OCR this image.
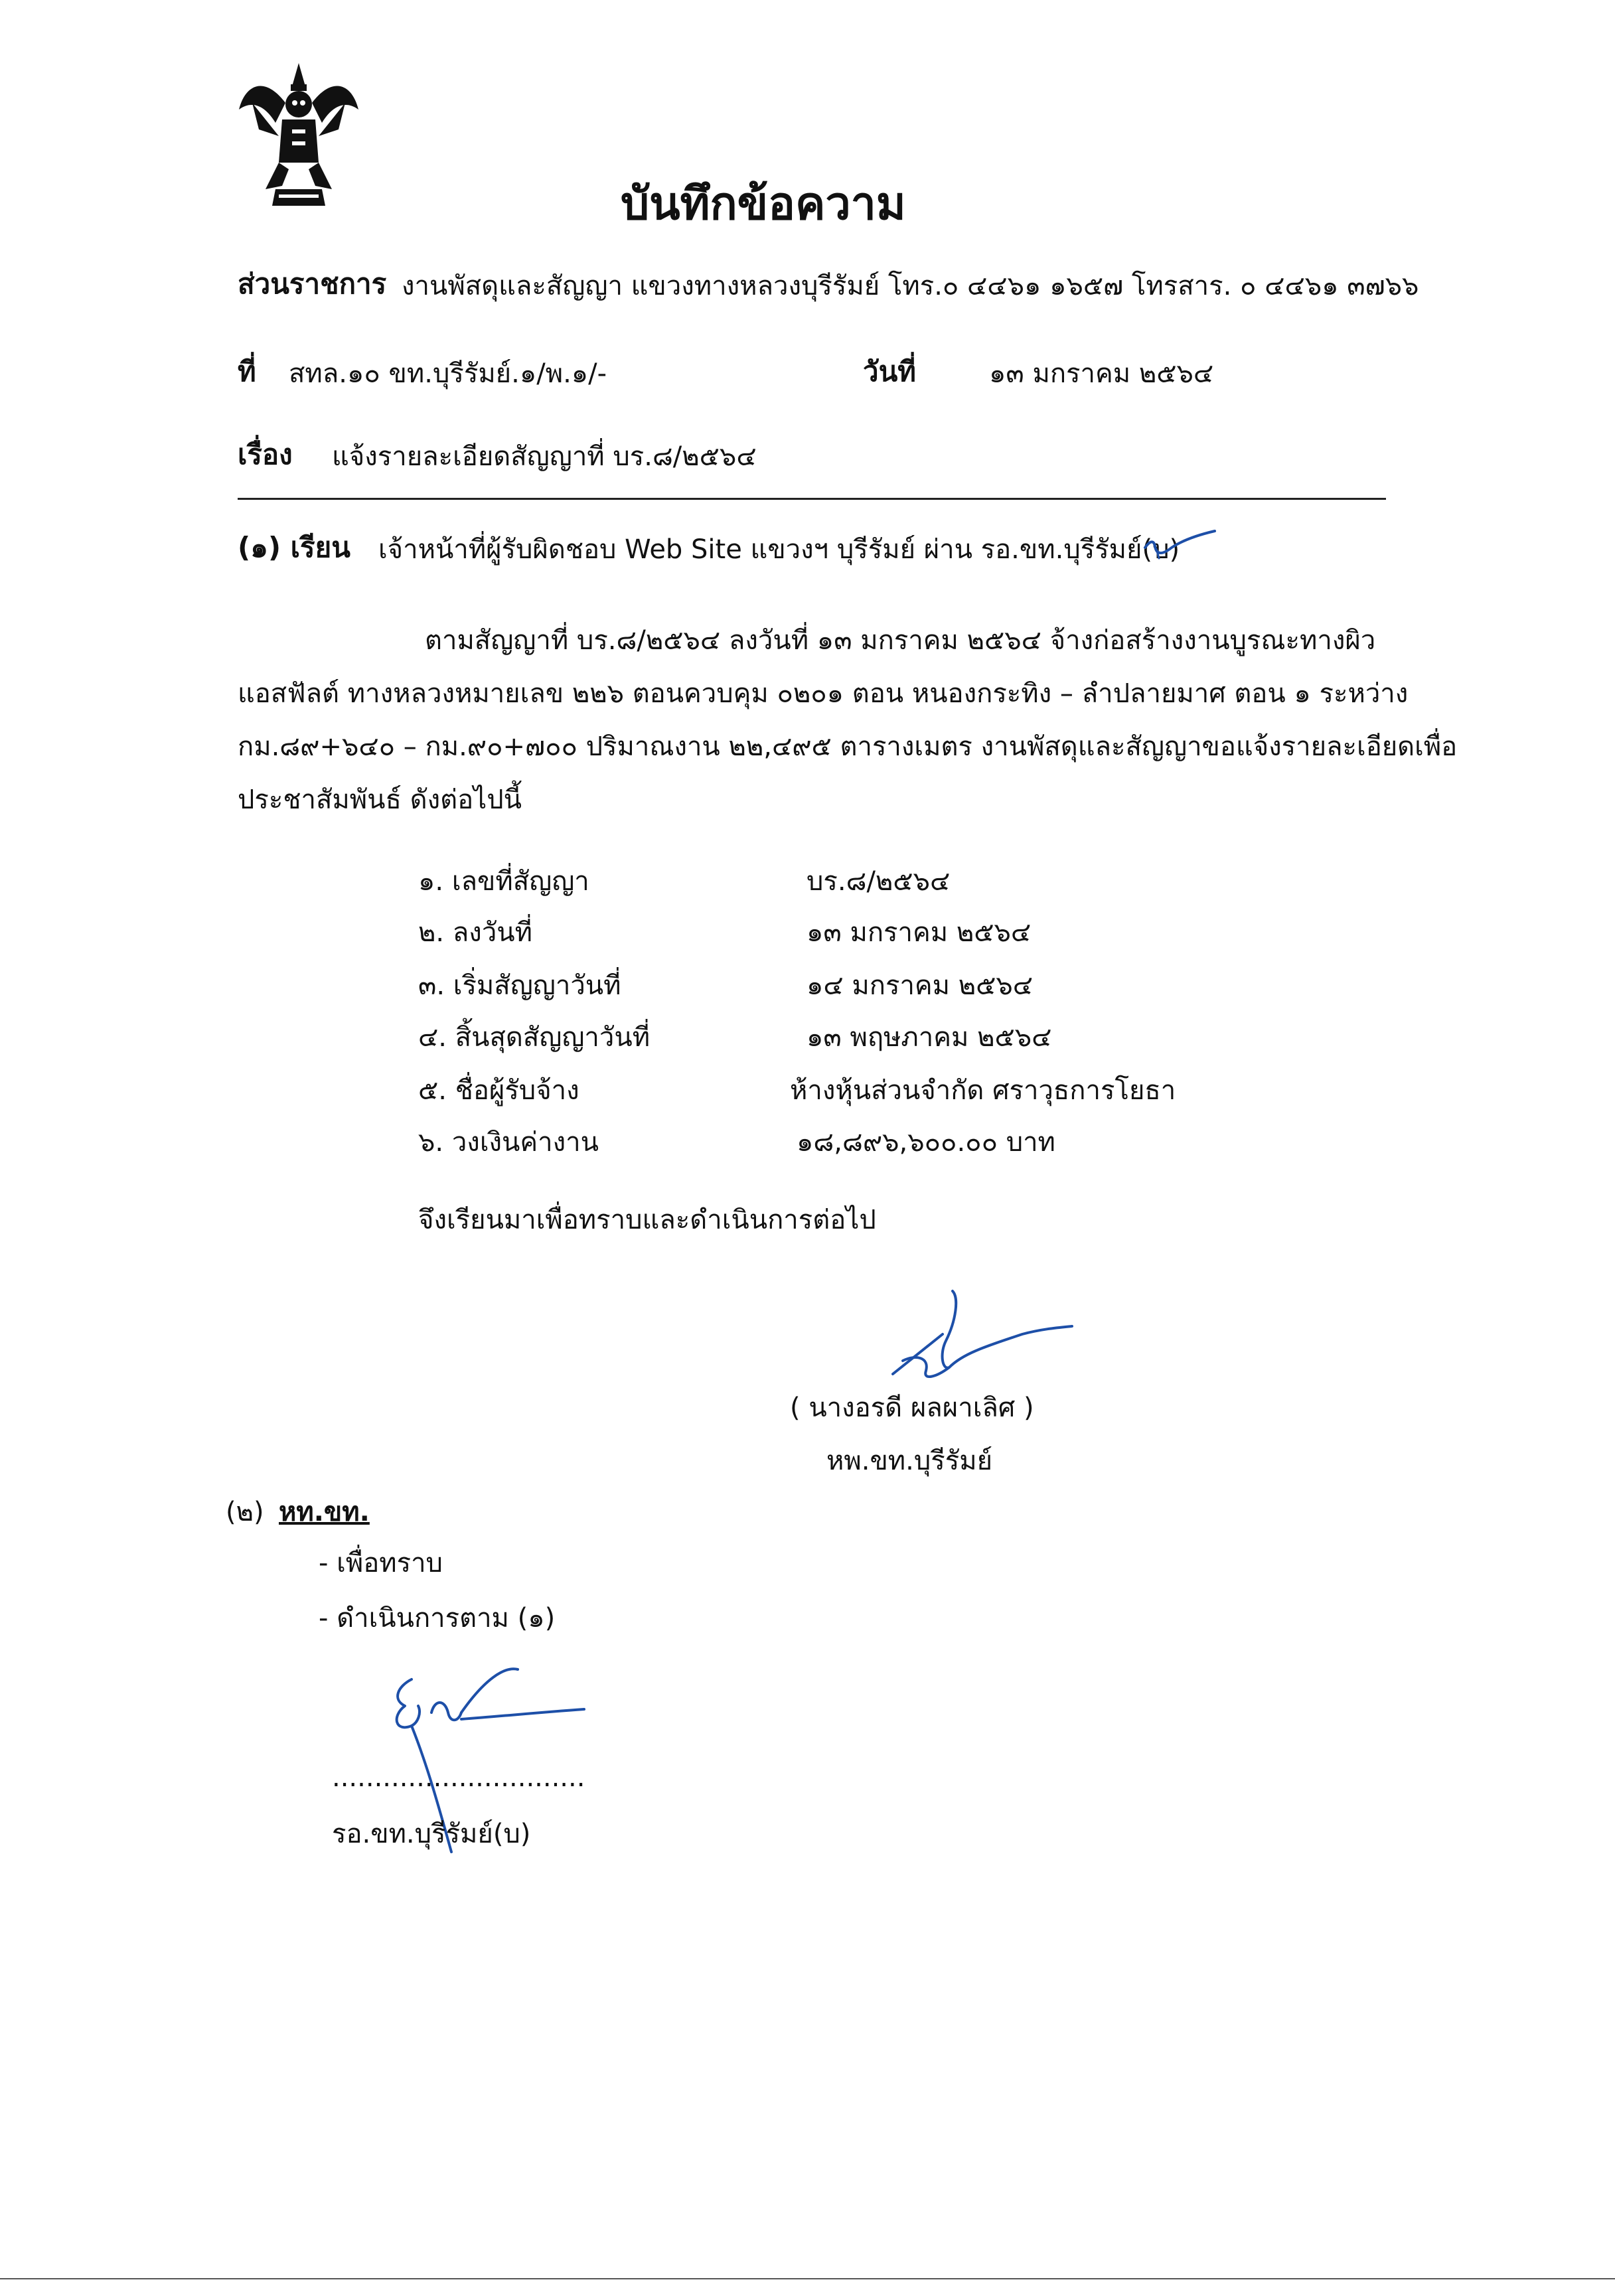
บันทึกข้อความ
ส่วนราชการ งานพัสดุและสัญญา แขวงทางหลวงบุรีรัมย์ โทร.๐ ๔๔๖๑ ๑๖๕๗ โทรสาร. ๐ ๔๔๖๑ ๓๗๖๖
ที่ สทล.๑๐ ขท.บุรีรัมย์.๑/พ.๑/-	วันที่	๑๓ มกราคม ๒๕๖๔
เรื่อง แจ้งรายละเอียดสัญญาที่ บร.๘/๒๕๖๔
(๑) เรียน เจ้าหน้าที่ผู้รับผิดชอบ Web Site แขวงฯ บุรีรัมย์ ผ่าน รอ.ขท.บุรีรัมย์(บ)
ตามสัญญาที่ บร.๘/๒๕๖๔ ลงวันที่ ๑๓ มกราคม ๒๕๖๔ จ้างก่อสร้างงานบูรณะทางผิว
แอสฟัลต์ ทางหลวงหมายเลข ๒๒๖ ตอนควบคุม ๐๒๐๑ ตอน หนองกระทิง – ลำปลายมาศ ตอน ๑ ระหว่าง
กม.๘๙+๖๔๐ – กม.๙๐+๗๐๐ ปริมาณงาน ๒๒,๔๙๕ ตารางเมตร งานพัสดุและสัญญาขอแจ้งรายละเอียดเพื่อ
ประชาสัมพันธ์ ดังต่อไปนี้
๑. เลขที่สัญญา	บร.๘/๒๕๖๔
๒. ลงวันที่	๑๓ มกราคม ๒๕๖๔
๓. เริ่มสัญญาวันที่	๑๔ มกราคม ๒๕๖๔
๔. สิ้นสุดสัญญาวันที่	๑๓ พฤษภาคม ๒๕๖๔
๕. ชื่อผู้รับจ้าง	ห้างหุ้นส่วนจำกัด ศราวุธการโยธา
๖. วงเงินค่างาน	๑๘,๘๙๖,๖๐๐.๐๐ บาท
จึงเรียนมาเพื่อทราบและดำเนินการต่อไป
( นางอรดี ผลผาเลิศ )
หพ.ขท.บุรีรัมย์
(๒) หท.ขท.
- เพื่อทราบ
- ดำเนินการตาม (๑)
..............................
รอ.ขท.บุรีรัมย์(บ)
